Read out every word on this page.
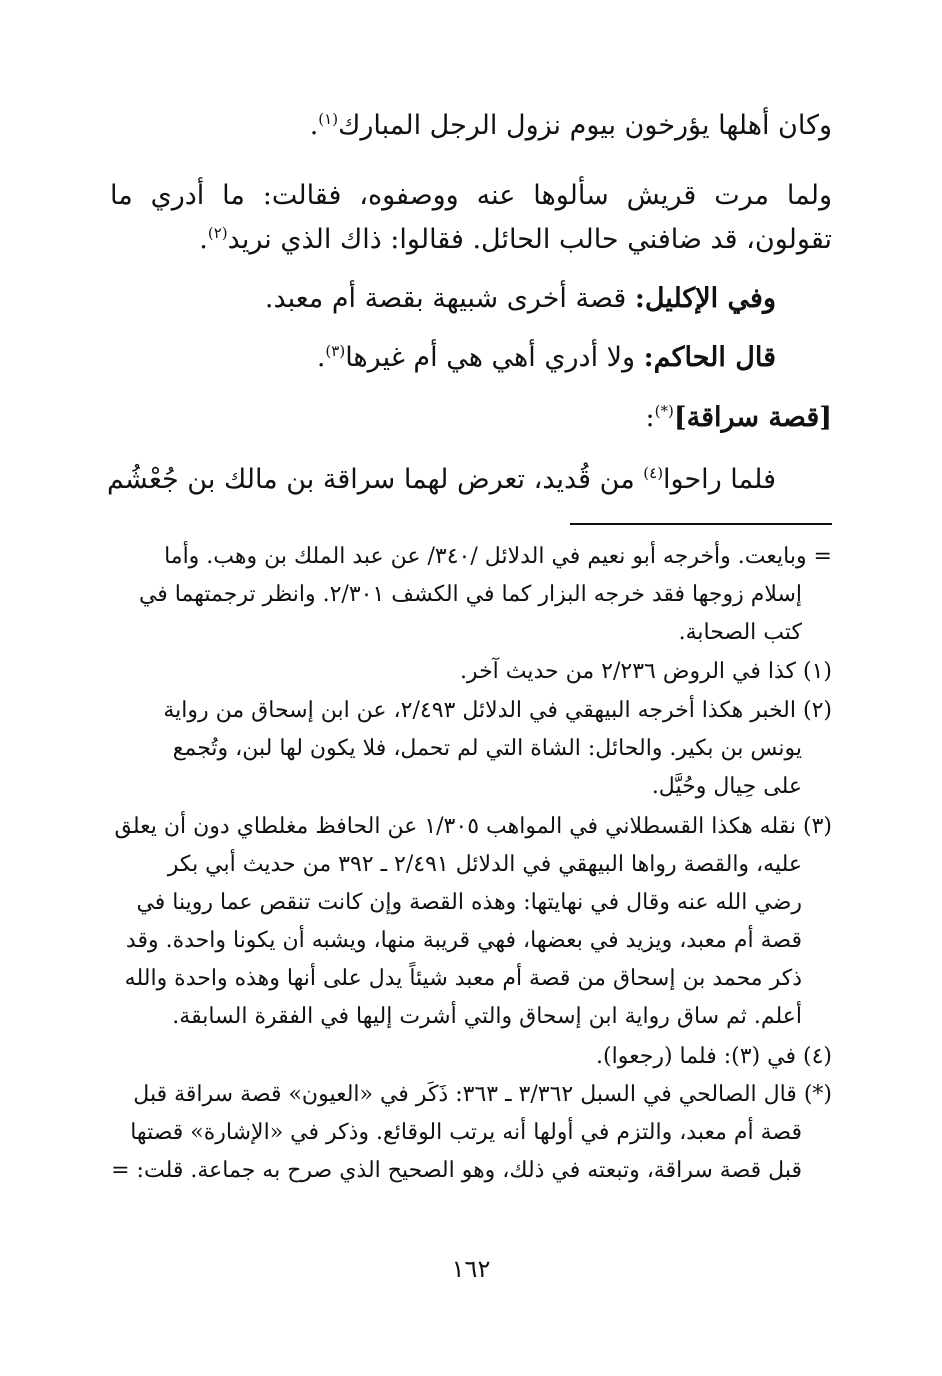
وكان أهلها يؤرخون بيوم نزول الرجل المبارك$^{(١)}$.
ولما مرت قريش سألوها عنه ووصفوه، فقالت: ما أدري ما
تقولون، قد ضافني حالب الحائل. فقالوا: ذاك الذي نريد$^{(٢)}$.
وفي الإكليل: قصة أخرى شبيهة بقصة أم معبد.
قال الحاكم: ولا أدري أهي هي أم غيرها$^{(٣)}$.
[قصة سراقة](*):
فلما راحوا$^{(٤)}$ من قُديد، تعرض لهما سراقة بن مالك بن جُعْشُم
= وبايعت. وأخرجه أبو نعيم في الدلائل /٣٤٠/ عن عبد الملك بن وهب. وأما
إسلام زوجها فقد خرجه البزار كما في الكشف ٢/٣٠١. وانظر ترجمتهما في
كتب الصحابة.
(١) كذا في الروض ٢/٢٣٦ من حديث آخر.
(٢) الخبر هكذا أخرجه البيهقي في الدلائل ٢/٤٩٣، عن ابن إسحاق من رواية
يونس بن بكير. والحائل: الشاة التي لم تحمل، فلا يكون لها لبن، وتُجمع
على حِيال وحُيَّل.
(٣) نقله هكذا القسطلاني في المواهب ١/٣٠٥ عن الحافظ مغلطاي دون أن يعلق
عليه، والقصة رواها البيهقي في الدلائل ٢/٤٩١ ـ ٣٩٢ من حديث أبي بكر
رضي الله عنه وقال في نهايتها: وهذه القصة وإن كانت تنقص عما روينا في
قصة أم معبد، ويزيد في بعضها، فهي قريبة منها، ويشبه أن يكونا واحدة. وقد
ذكر محمد بن إسحاق من قصة أم معبد شيئاً يدل على أنها وهذه واحدة والله
أعلم. ثم ساق رواية ابن إسحاق والتي أشرت إليها في الفقرة السابقة.
(٤) في (٣): فلما (رجعوا).
(*) قال الصالحي في السبل ٣/٣٦٢ ـ ٣٦٣: ذَكَر في «العيون» قصة سراقة قبل
قصة أم معبد، والتزم في أولها أنه يرتب الوقائع. وذكر في «الإشارة» قصتها
قبل قصة سراقة، وتبعته في ذلك، وهو الصحيح الذي صرح به جماعة. قلت: =
١٦٢
